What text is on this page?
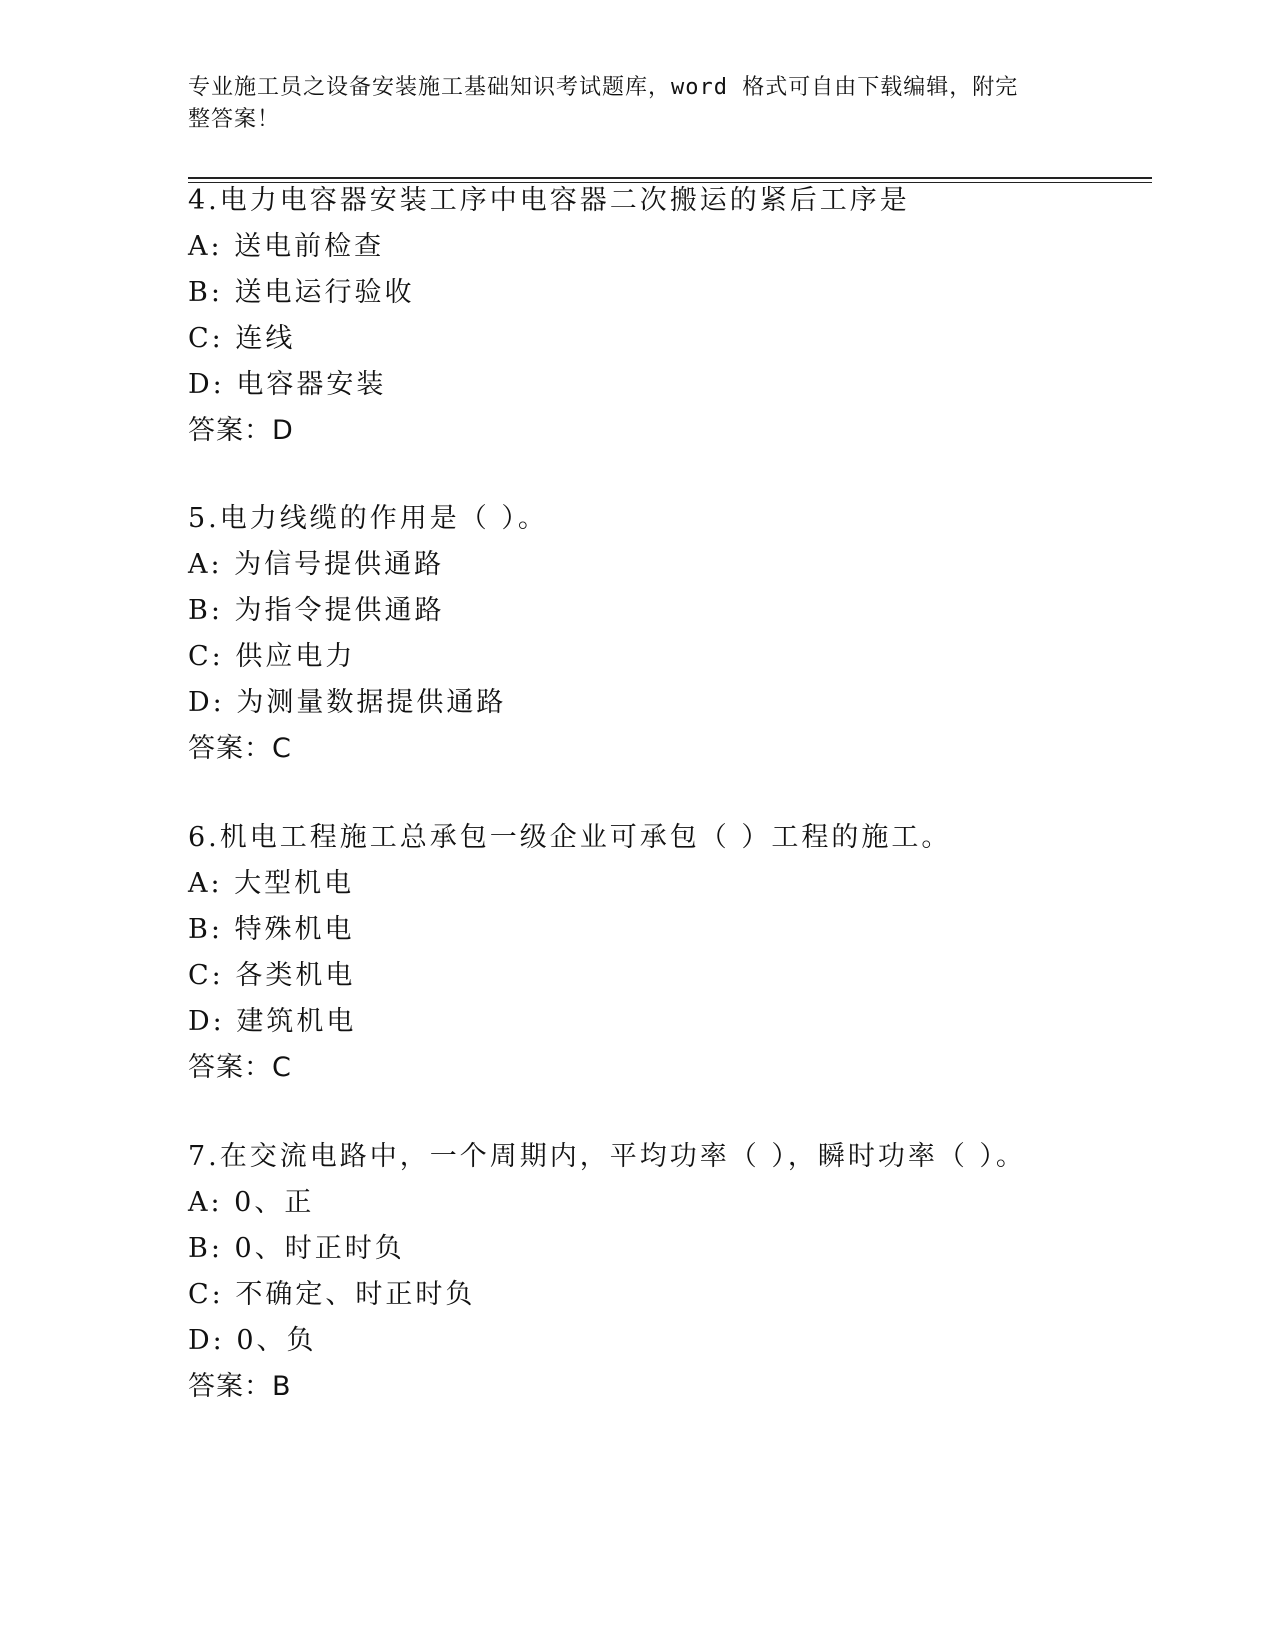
专业施工员之设备安装施工基础知识考试题库，word 格式可自由下载编辑，附完
整答案！
4.电力电容器安装工序中电容器二次搬运的紧后工序是
A: 送电前检查
B: 送电运行验收
C: 连线
D: 电容器安装
答案：D
5.电力线缆的作用是（ ）。
A: 为信号提供通路
B: 为指令提供通路
C: 供应电力
D: 为测量数据提供通路
答案：C
6.机电工程施工总承包一级企业可承包（ ）工程的施工。
A: 大型机电
B: 特殊机电
C: 各类机电
D: 建筑机电
答案：C
7.在交流电路中，一个周期内，平均功率（ ），瞬时功率（ ）。
A: 0、正
B: 0、时正时负
C: 不确定、时正时负
D: 0、负
答案：B
